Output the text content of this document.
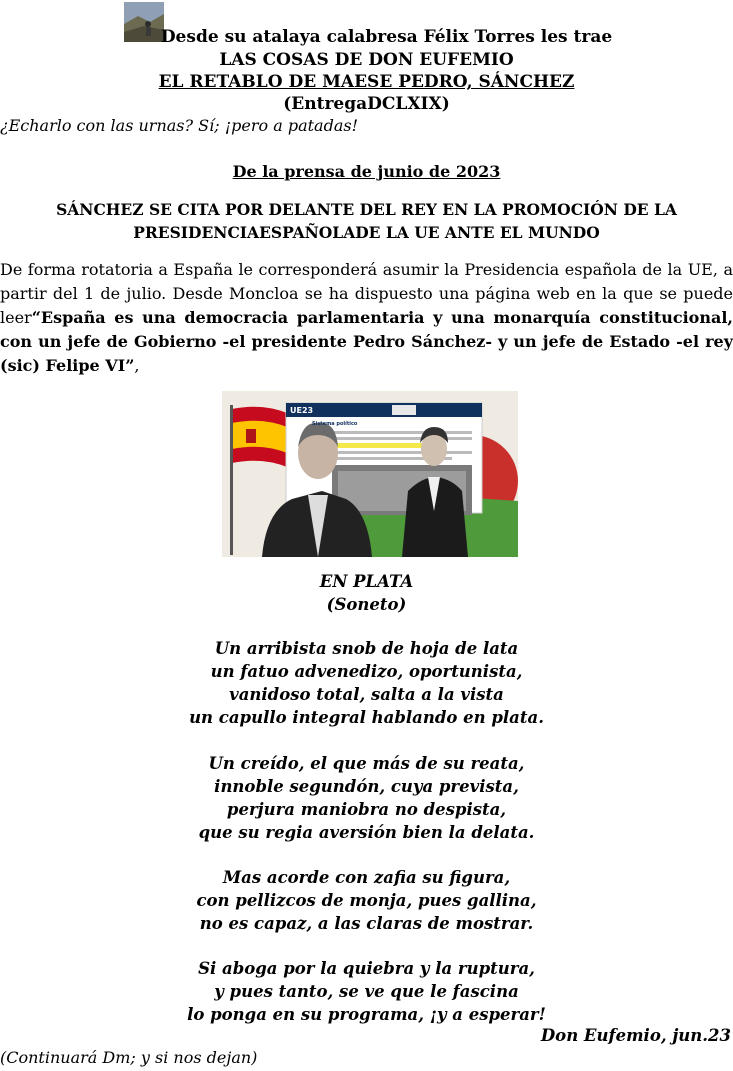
Desde su atalaya calabresa Félix Torres les trae
LAS COSAS DE DON EUFEMIO
EL RETABLO DE MAESE PEDRO, SÁNCHEZ
(EntregaDCLXIX)
¿Echarlo con las urnas? Sí; ¡pero a patadas!
De la prensa de junio de 2023
SÁNCHEZ SE CITA POR DELANTE DEL REY EN LA PROMOCIÓN DE LA
PRESIDENCIAESPAÑOLADE LA UE ANTE EL MUNDO
De forma rotatoria a España le corresponderá asumir la Presidencia española de la UE, a partir del 1 de julio. Desde Moncloa se ha dispuesto una página web en la que se puede leer“España es una democracia parlamentaria y una monarquía constitucional, con un jefe de Gobierno -el presidente Pedro Sánchez- y un jefe de Estado -el rey (sic) Felipe VI”,
UE23
Sistema político
EN PLATA
(Soneto)
Un arribista snob de hoja de lata
un fatuo advenedizo, oportunista,
vanidoso total, salta a la vista
un capullo integral hablando en plata.
Un creído, el que más de su reata,
innoble segundón, cuya prevista,
perjura maniobra no despista,
que su regia aversión bien la delata.
Mas acorde con zafia su figura,
con pellizcos de monja, pues gallina,
no es capaz, a las claras de mostrar.
Si aboga por la quiebra y la ruptura,
y pues tanto, se ve que le fascina
lo ponga en su programa, ¡y a esperar!
Don Eufemio, jun.23
(Continuará Dm; y si nos dejan)
